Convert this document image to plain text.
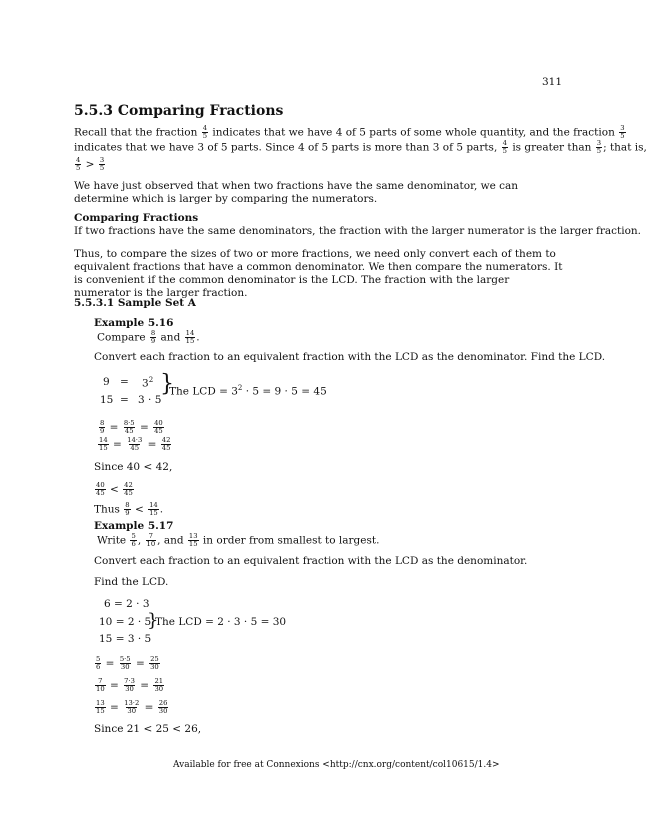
311
5.5.3 Comparing Fractions
Recall that the fraction $\frac{4}{5}$ indicates that we have 4 of 5 parts of some whole quantity, and the fraction $\frac{3}{5}$
indicates that we have 3 of 5 parts. Since 4 of 5 parts is more than 3 of 5 parts, $\frac{4}{5}$ is greater than $\frac{3}{5}$ ; that is,
$\frac{4}{5} > \frac{3}{5}$
We have just observed that when two fractions have the same denominator, we can determine which is larger by comparing the numerators.
Comparing Fractions
If two fractions have the same denominators, the fraction with the larger numerator is the larger fraction.
Thus, to compare the sizes of two or more fractions, we need only convert each of them to equivalent fractions that have a common denominator. We then compare the numerators. It is convenient if the common denominator is the LCD. The fraction with the larger numerator is the larger fraction.
5.5.3.1 Sample Set A
Example 5.16
Compare $\frac{8}{9}$ and $\frac{14}{15}$ .
Convert each fraction to an equivalent fraction with the LCD as the denominator. Find the LCD.
$9 = 3^2$
15 = 3 · 5
}
The LCD = $3^2 \cdot 5 = 9 \cdot 5 = 45$
$\frac{8}{9} = \frac{8\cdot 5}{45} = \frac{40}{45}$
$\frac{14}{15} = \frac{14\cdot 3}{45} = \frac{42}{45}$
Since 40 < 42,
$\frac{40}{45} < \frac{42}{45}$
Thus $\frac{8}{9} < \frac{14}{15}$ .
Example 5.17
Write $\frac{5}{6}$ , $\frac{7}{10}$ , and $\frac{13}{15}$ in order from smallest to largest.
Convert each fraction to an equivalent fraction with the LCD as the denominator.
Find the LCD.
6 = 2 · 3
10 = 2 · 5
}
The LCD = 2 · 3 · 5 = 30
15 = 3 · 5
$\frac{5}{6} = \frac{5\cdot 5}{30} = \frac{25}{30}$
$\frac{7}{10} = \frac{7\cdot 3}{30} = \frac{21}{30}$
$\frac{13}{15} = \frac{13\cdot 2}{30} = \frac{26}{30}$
Since 21 < 25 < 26,
Available for free at Connexions <http://cnx.org/content/col10615/1.4>
